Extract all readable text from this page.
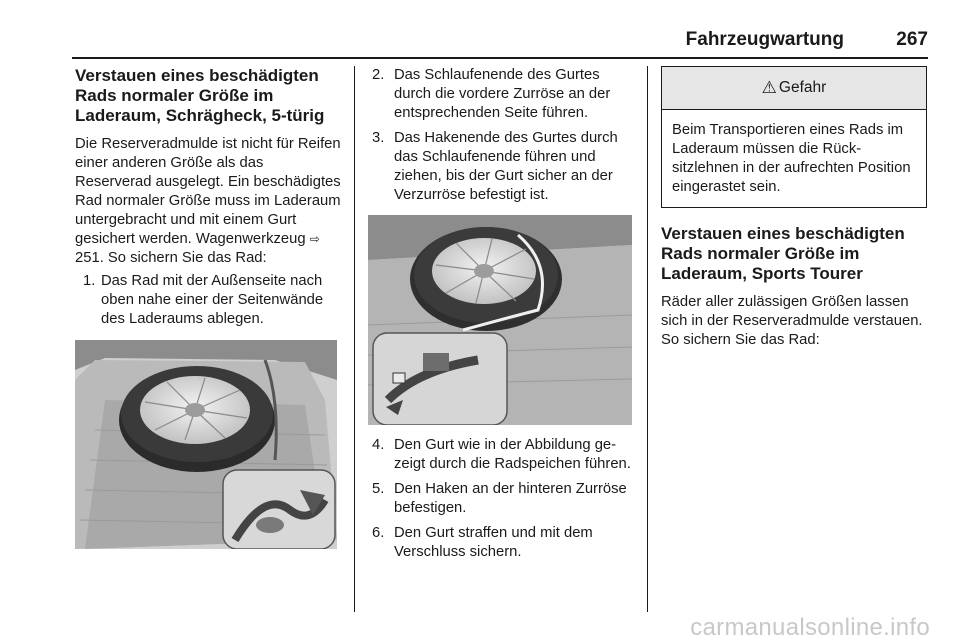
Fahrzeugwartung	267
Verstauen eines beschädigten Rads normaler Größe im Laderaum, Schrägheck, 5-türig

Die Reserveradmulde ist nicht für Reifen einer anderen Größe als das Reserverad ausgelegt. Ein beschädigtes Rad normaler Größe muss im Laderaum untergebracht und mit einem Gurt gesichert werden. Wagenwerkzeug ⇨ 251. So sichern Sie das Rad:

1. Das Rad mit der Außenseite nach oben nahe einer der Seitenwände des Laderaums ablegen.
2. Das Schlaufenende des Gurtes durch die vordere Zurröse an der entsprechenden Seite führen.
3. Das Hakenende des Gurtes durch das Schlaufenende führen und ziehen, bis der Gurt sicher an der Verzurröse befestigt ist.
4. Den Gurt wie in der Abbildung gezeigt durch die Radspeichen führen.
5. Den Haken an der hinteren Zurröse befestigen.
6. Den Gurt straffen und mit dem Verschluss sichern.
⚠ Gefahr
Beim Transportieren eines Rads im Laderaum müssen die Rücksitzlehnen in der aufrechten Position eingerastet sein.
Verstauen eines beschädigten Rads normaler Größe im Laderaum, Sports Tourer

Räder aller zulässigen Größen lassen sich in der Reserveradmulde verstauen. So sichern Sie das Rad:

carmanualsonline.info
